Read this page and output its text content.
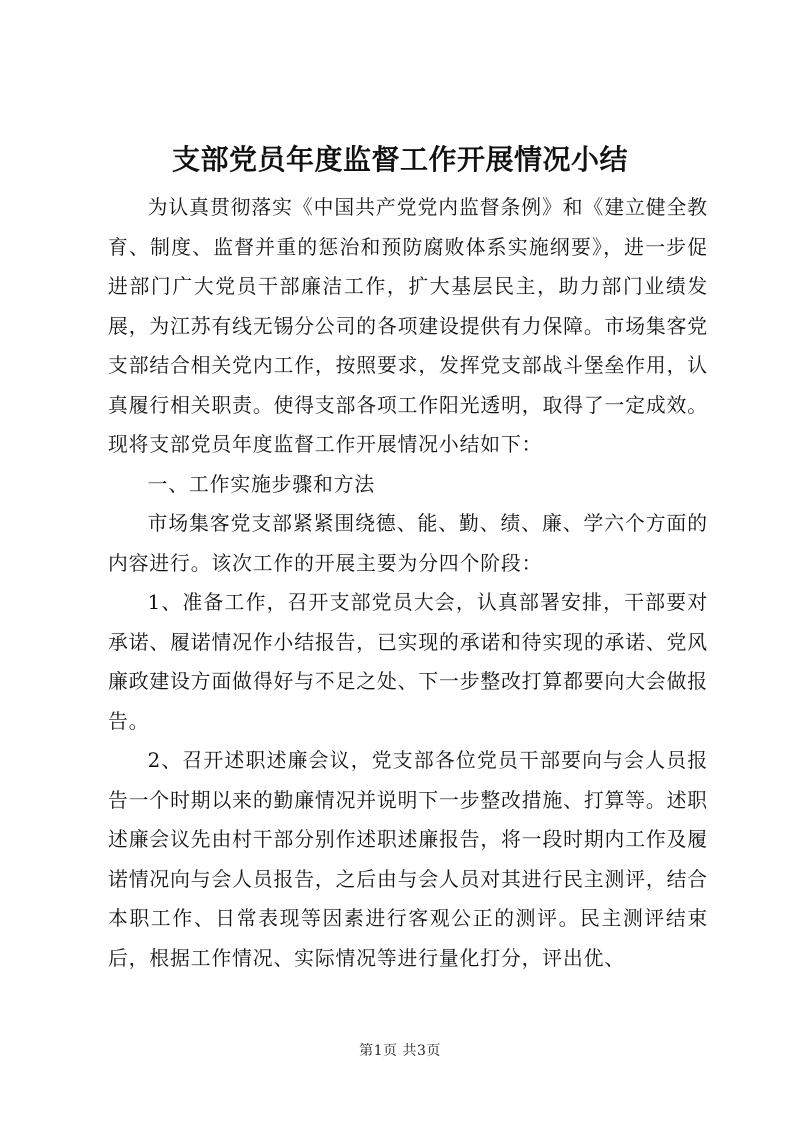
支部党员年度监督工作开展情况小结

为认真贯彻落实《中国共产党党内监督条例》和《建立健全教育、制度、监督并重的惩治和预防腐败体系实施纲要》，进一步促进部门广大党员干部廉洁工作，扩大基层民主，助力部门业绩发展，为江苏有线无锡分公司的各项建设提供有力保障。市场集客党支部结合相关党内工作，按照要求，发挥党支部战斗堡垒作用，认真履行相关职责。使得支部各项工作阳光透明，取得了一定成效。现将支部党员年度监督工作开展情况小结如下：

一、工作实施步骤和方法

市场集客党支部紧紧围绕德、能、勤、绩、廉、学六个方面的内容进行。该次工作的开展主要为分四个阶段：

1、准备工作，召开支部党员大会，认真部署安排，干部要对承诺、履诺情况作小结报告，已实现的承诺和待实现的承诺、党风廉政建设方面做得好与不足之处、下一步整改打算都要向大会做报告。

2、召开述职述廉会议，党支部各位党员干部要向与会人员报告一个时期以来的勤廉情况并说明下一步整改措施、打算等。述职述廉会议先由村干部分别作述职述廉报告，将一段时期内工作及履诺情况向与会人员报告，之后由与会人员对其进行民主测评，结合本职工作、日常表现等因素进行客观公正的测评。民主测评结束后，根据工作情况、实际情况等进行量化打分，评出优、

第1页 共3页
